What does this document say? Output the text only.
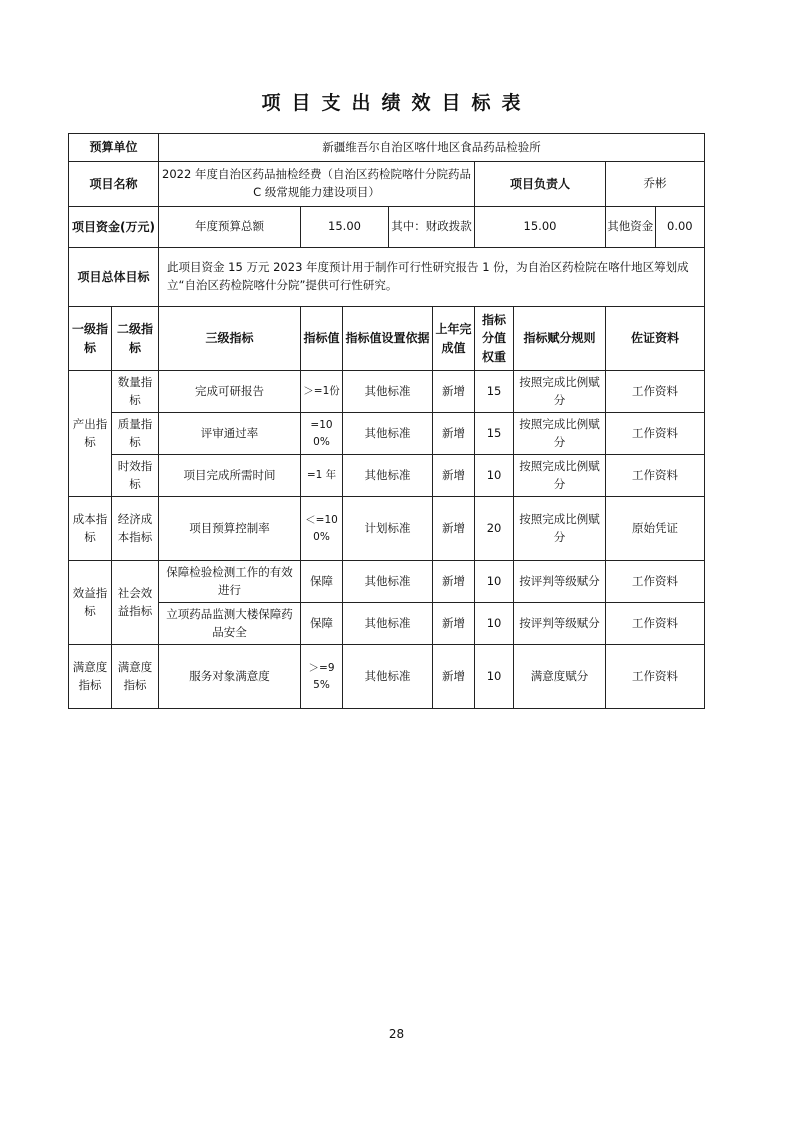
项目支出绩效目标表
预算单位		新疆维吾尔自治区喀什地区食品药品检验所							
项目名称		2022 年度自治区药品抽检经费（自治区药检院喀什分院药品 C 级常规能力建设项目）					项目负责人		乔彬
项目资金(万元)		年度预算总额	15.00		其中：财政拨款		15.00		其他资金 0.00

项目总体目标		此项目资金 15 万元 2023 年度预计用于制作可行性研究报告 1 份，为自治区药检院在喀什地区筹划成立“自治区药检院喀什分院”提供可行性研究。							
一级指标	二级指标	三级指标	指标值	指标值设置依据		上年完成值	指标分值权重	指标赋分规则	佐证资料
产出指标	数量指标	完成可研报告	＞=1份	其他标准		新增	15	按照完成比例赋分	工作资料
	质量指标	评审通过率	=100%	其他标准		新增	15	按照完成比例赋分	工作资料
	时效指标	项目完成所需时间	=1 年	其他标准		新增	10	按照完成比例赋分	工作资料
成本指标	经济成本指标	项目预算控制率	＜=100%	计划标准		新增	20	按照完成比例赋分	原始凭证
效益指标	社会效益指标	保障检验检测工作的有效进行	保障	其他标准		新增	10	按评判等级赋分	工作资料
		立项药品监测大楼保障药品安全	保障	其他标准		新增	10	按评判等级赋分	工作资料
满意度指标	满意度指标	服务对象满意度	＞=95%	其他标准		新增	10	满意度赋分	工作资料
28
